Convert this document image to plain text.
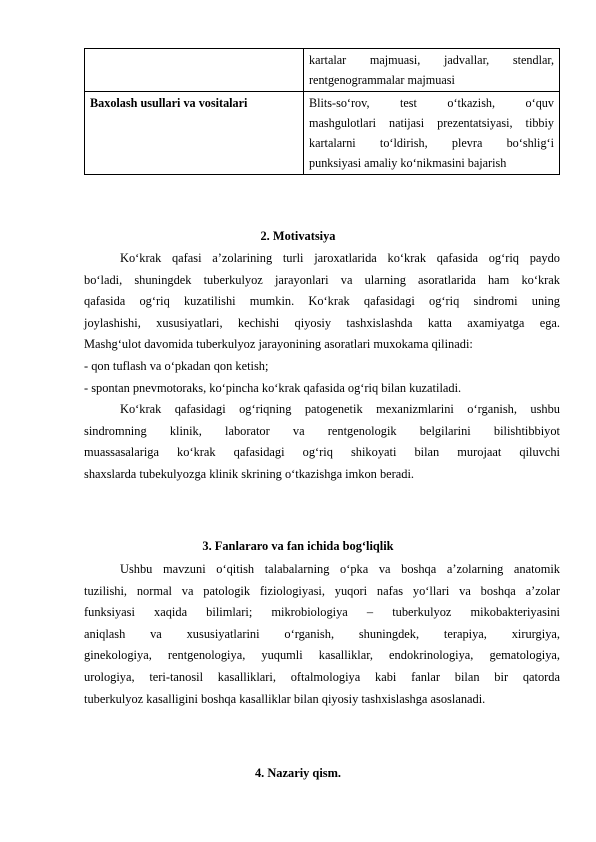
	kartalar majmuasi, jadvallar, stendlar,
rentgenogrammalar majmuasi

Baxolash usullari va vositalari	Blits-so‘rov, test o‘tkazish, o‘quv
mashgulotlari natijasi prezentatsiyasi, tibbiy
kartalarni to‘ldirish, plevra bo‘shlig‘i
punksiyasi amaliy ko‘nikmasini bajarish
2. Motivatsiya
Ko‘krak qafasi a’zolarining turli jaroxatlarida ko‘krak qafasida og‘riq paydo
bo‘ladi, shuningdek tuberkulyoz jarayonlari va ularning asoratlarida ham ko‘krak
qafasida og‘riq kuzatilishi mumkin. Ko‘krak qafasidagi og‘riq sindromi uning
joylashishi, xususiyatlari, kechishi qiyosiy tashxislashda katta axamiyatga ega.
Mashg‘ulot davomida tuberkulyoz jarayonining asoratlari muxokama qilinadi:
- qon tuflash va o‘pkadan qon ketish;
- spontan pnevmotoraks, ko‘pincha ko‘krak qafasida og‘riq bilan kuzatiladi.
Ko‘krak qafasidagi og‘riqning patogenetik mexanizmlarini o‘rganish, ushbu
sindromning klinik, laborator va rentgenologik belgilarini bilishtibbiyot
muassasalariga ko‘krak qafasidagi og‘riq shikoyati bilan murojaat qiluvchi
shaxslarda tubekulyozga klinik skrining o‘tkazishga imkon beradi.
3. Fanlararo va fan ichida bog‘liqlik
Ushbu mavzuni o‘qitish talabalarning o‘pka va boshqa a’zolarning anatomik
tuzilishi, normal va patologik fiziologiyasi, yuqori nafas yo‘llari va boshqa a’zolar
funksiyasi xaqida bilimlari; mikrobiologiya – tuberkulyoz mikobakteriyasini
aniqlash va xususiyatlarini o‘rganish, shuningdek, terapiya, xirurgiya,
ginekologiya, rentgenologiya, yuqumli kasalliklar, endokrinologiya, gematologiya,
urologiya, teri-tanosil kasalliklari, oftalmologiya kabi fanlar bilan bir qatorda
tuberkulyoz kasalligini boshqa kasalliklar bilan qiyosiy tashxislashga asoslanadi.
4. Nazariy qism.
